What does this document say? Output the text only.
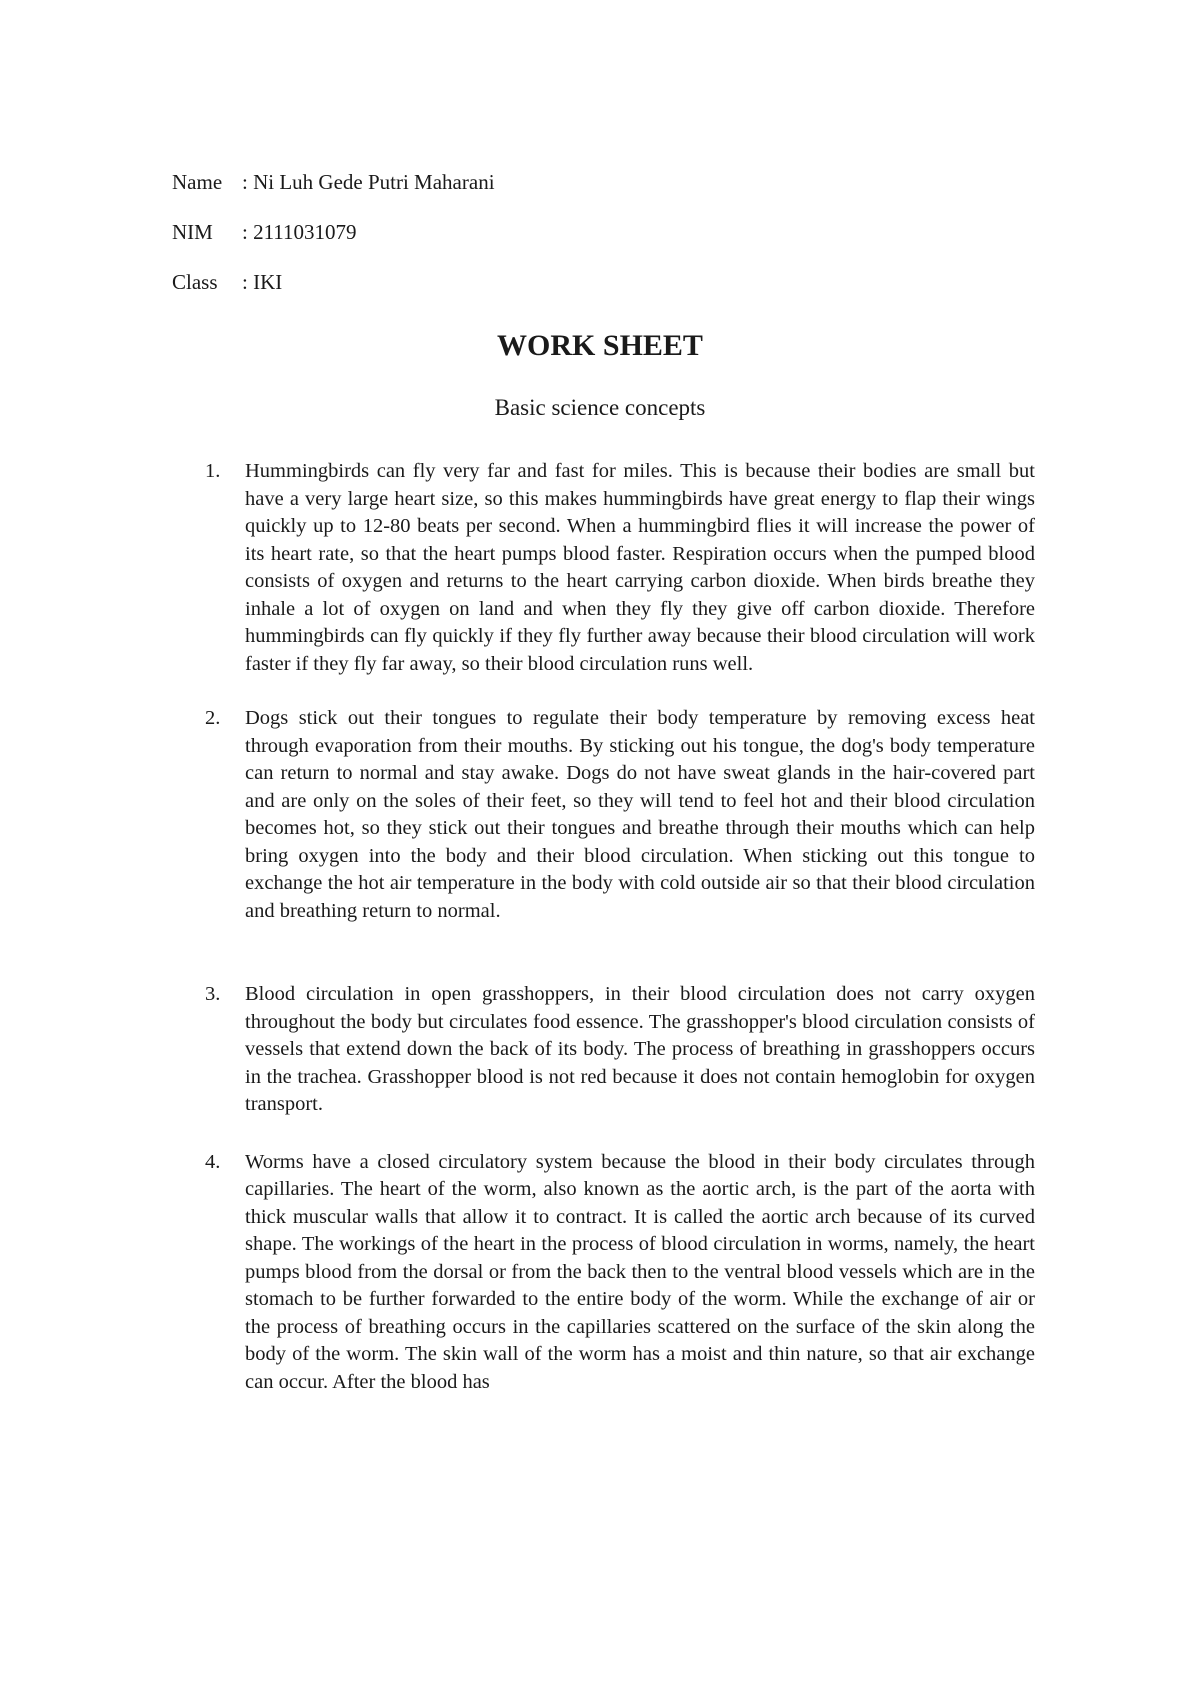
Name : Ni Luh Gede Putri Maharani
NIM	: 2111031079
Class	: IKI
WORK SHEET
Basic science concepts
1.	Hummingbirds can fly very far and fast for miles. This is because their bodies are small but have a very large heart size, so this makes hummingbirds have great energy to flap their wings quickly up to 12-80 beats per second. When a hummingbird flies it will increase the power of its heart rate, so that the heart pumps blood faster. Respiration occurs when the pumped blood consists of oxygen and returns to the heart carrying carbon dioxide. When birds breathe they inhale a lot of oxygen on land and when they fly they give off carbon dioxide. Therefore hummingbirds can fly quickly if they fly further away because their blood circulation will work faster if they fly far away, so their blood circulation runs well.
2.	Dogs stick out their tongues to regulate their body temperature by removing excess heat through evaporation from their mouths. By sticking out his tongue, the dog's body temperature can return to normal and stay awake. Dogs do not have sweat glands in the hair-covered part and are only on the soles of their feet, so they will tend to feel hot and their blood circulation becomes hot, so they stick out their tongues and breathe through their mouths which can help bring oxygen into the body and their blood circulation. When sticking out this tongue to exchange the hot air temperature in the body with cold outside air so that their blood circulation and breathing return to normal.
3.	Blood circulation in open grasshoppers, in their blood circulation does not carry oxygen throughout the body but circulates food essence. The grasshopper's blood circulation consists of vessels that extend down the back of its body. The process of breathing in grasshoppers occurs in the trachea. Grasshopper blood is not red because it does not contain hemoglobin for oxygen transport.
4.	Worms have a closed circulatory system because the blood in their body circulates through capillaries. The heart of the worm, also known as the aortic arch, is the part of the aorta with thick muscular walls that allow it to contract. It is called the aortic arch because of its curved shape. The workings of the heart in the process of blood circulation in worms, namely, the heart pumps blood from the dorsal or from the back then to the ventral blood vessels which are in the stomach to be further forwarded to the entire body of the worm. While the exchange of air or the process of breathing occurs in the capillaries scattered on the surface of the skin along the body of the worm. The skin wall of the worm has a moist and thin nature, so that air exchange can occur. After the blood has
